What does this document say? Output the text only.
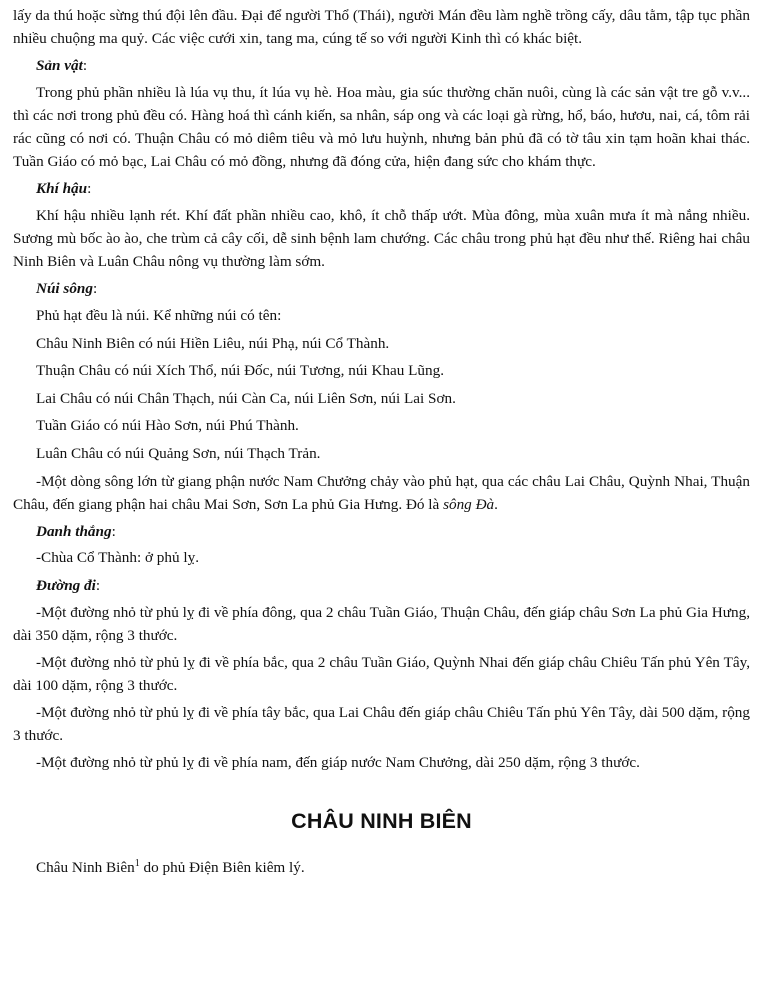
lấy da thú hoặc sừng thú đội lên đầu. Đại để người Thổ (Thái), người Mán đều làm nghề trồng cấy, dâu tằm, tập tục phần nhiều chuộng ma quỷ. Các việc cưới xin, tang ma, cúng tế so với người Kinh thì có khác biệt.

Sản vật:

Trong phủ phần nhiều là lúa vụ thu, ít lúa vụ hè. Hoa màu, gia súc thường chăn nuôi, cùng là các sản vật tre gỗ v.v... thì các nơi trong phủ đều có. Hàng hoá thì cánh kiến, sa nhân, sáp ong và các loại gà rừng, hổ, báo, hươu, nai, cá, tôm rải rác cũng có nơi có. Thuận Châu có mỏ diêm tiêu và mỏ lưu huỳnh, nhưng bản phủ đã có tờ tâu xin tạm hoãn khai thác. Tuần Giáo có mỏ bạc, Lai Châu có mỏ đồng, nhưng đã đóng cửa, hiện đang sức cho khám thực.

Khí hậu:

Khí hậu nhiều lạnh rét. Khí đất phần nhiều cao, khô, ít chỗ thấp ướt. Mùa đông, mùa xuân mưa ít mà nắng nhiều. Sương mù bốc ào ào, che trùm cả cây cối, dễ sinh bệnh lam chướng. Các châu trong phủ hạt đều như thế. Riêng hai châu Ninh Biên và Luân Châu nông vụ thường làm sớm.

Núi sông:

Phủ hạt đều là núi. Kể những núi có tên:

Châu Ninh Biên có núi Hiền Liêu, núi Phạ, núi Cổ Thành.

Thuận Châu có núi Xích Thổ, núi Đốc, núi Tương, núi Khau Lũng.

Lai Châu có núi Chân Thạch, núi Càn Ca, núi Liên Sơn, núi Lai Sơn.

Tuần Giáo có núi Hào Sơn, núi Phú Thành.

Luân Châu có núi Quảng Sơn, núi Thạch Trản.

-Một dòng sông lớn từ giang phận nước Nam Chưởng chảy vào phủ hạt, qua các châu Lai Châu, Quỳnh Nhai, Thuận Châu, đến giang phận hai châu Mai Sơn, Sơn La phủ Gia Hưng. Đó là sông Đà.

Danh thắng:

-Chùa Cổ Thành: ở phủ lỵ.

Đường đi:

-Một đường nhỏ từ phủ lỵ đi về phía đông, qua 2 châu Tuần Giáo, Thuận Châu, đến giáp châu Sơn La phủ Gia Hưng, dài 350 dặm, rộng 3 thước.

-Một đường nhỏ từ phủ lỵ đi về phía bắc, qua 2 châu Tuần Giáo, Quỳnh Nhai đến giáp châu Chiêu Tấn phủ Yên Tây, dài 100 dặm, rộng 3 thước.

-Một đường nhỏ từ phủ lỵ đi về phía tây bắc, qua Lai Châu đến giáp châu Chiêu Tấn phủ Yên Tây, dài 500 dặm, rộng 3 thước.

-Một đường nhỏ từ phủ lỵ đi về phía nam, đến giáp nước Nam Chưởng, dài 250 dặm, rộng 3 thước.

CHÂU NINH BIÊN

Châu Ninh Biên$^1$ do phủ Điện Biên kiêm lý.
